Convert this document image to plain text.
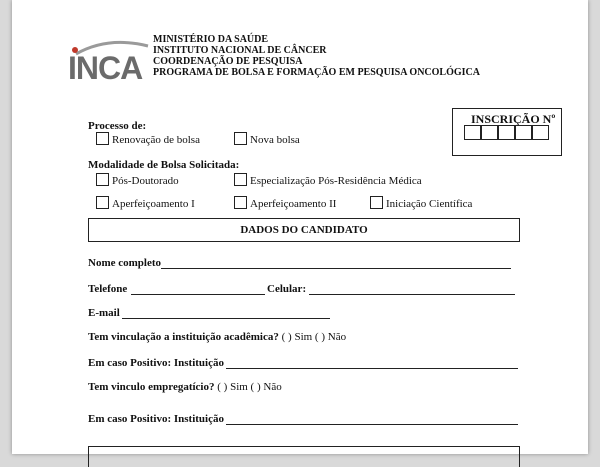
INCA
MINISTÉRIO DA SAÚDE
INSTITUTO NACIONAL DE CÂNCER
COORDENAÇÃO DE PESQUISA
PROGRAMA DE BOLSA E FORMAÇÃO EM PESQUISA ONCOLÓGICA
INSCRIÇÃO Nº
Processo de:
Renovação de bolsa	Nova bolsa
Modalidade de Bolsa Solicitada:
Pós-Doutorado	Especialização Pós-Residência Médica
Aperfeiçoamento I	Aperfeiçoamento II	Iniciação Científica
DADOS DO CANDIDATO
Nome completo
Telefone	Celular:
E-mail
Tem vinculação a instituição acadêmica? ( ) Sim ( ) Não
Em caso Positivo: Instituição
Tem vinculo empregatício? ( ) Sim ( ) Não
Em caso Positivo: Instituição
